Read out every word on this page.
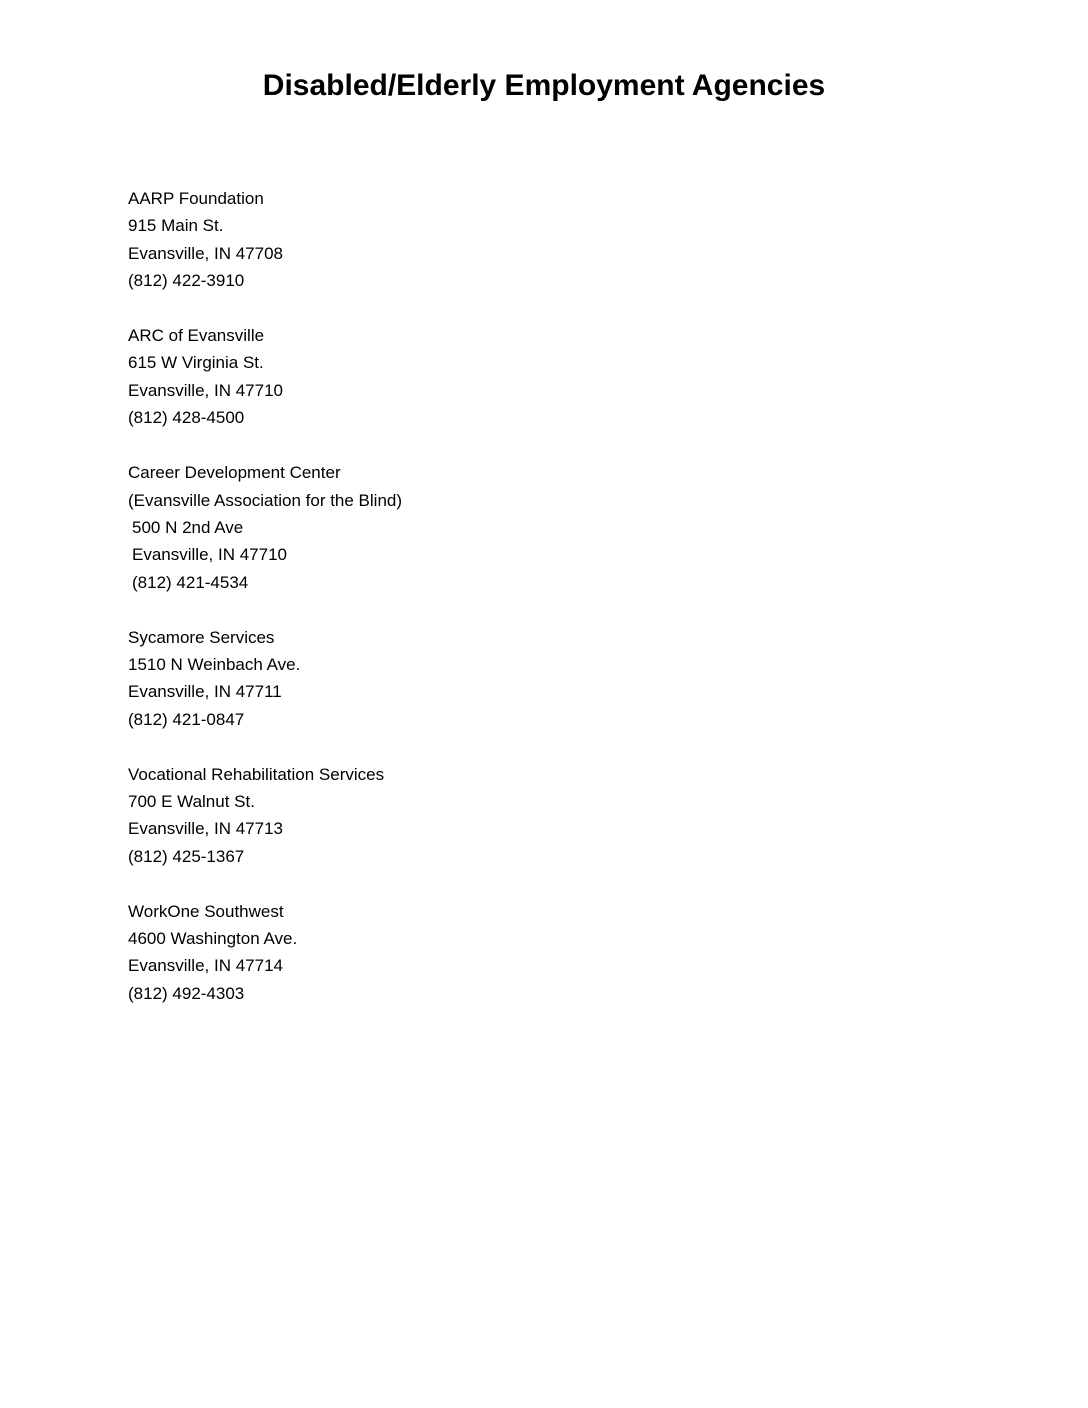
Disabled/Elderly Employment Agencies
AARP Foundation
915 Main St.
Evansville, IN 47708
(812) 422-3910
ARC of Evansville
615 W Virginia St.
Evansville, IN 47710
(812) 428-4500
Career Development Center
(Evansville Association for the Blind)
500 N 2nd Ave
Evansville, IN 47710
(812) 421-4534
Sycamore Services
1510 N Weinbach Ave.
Evansville, IN 47711
(812) 421-0847
Vocational Rehabilitation Services
700 E Walnut St.
Evansville, IN 47713
(812) 425-1367
WorkOne Southwest
4600 Washington Ave.
Evansville, IN 47714
(812) 492-4303
